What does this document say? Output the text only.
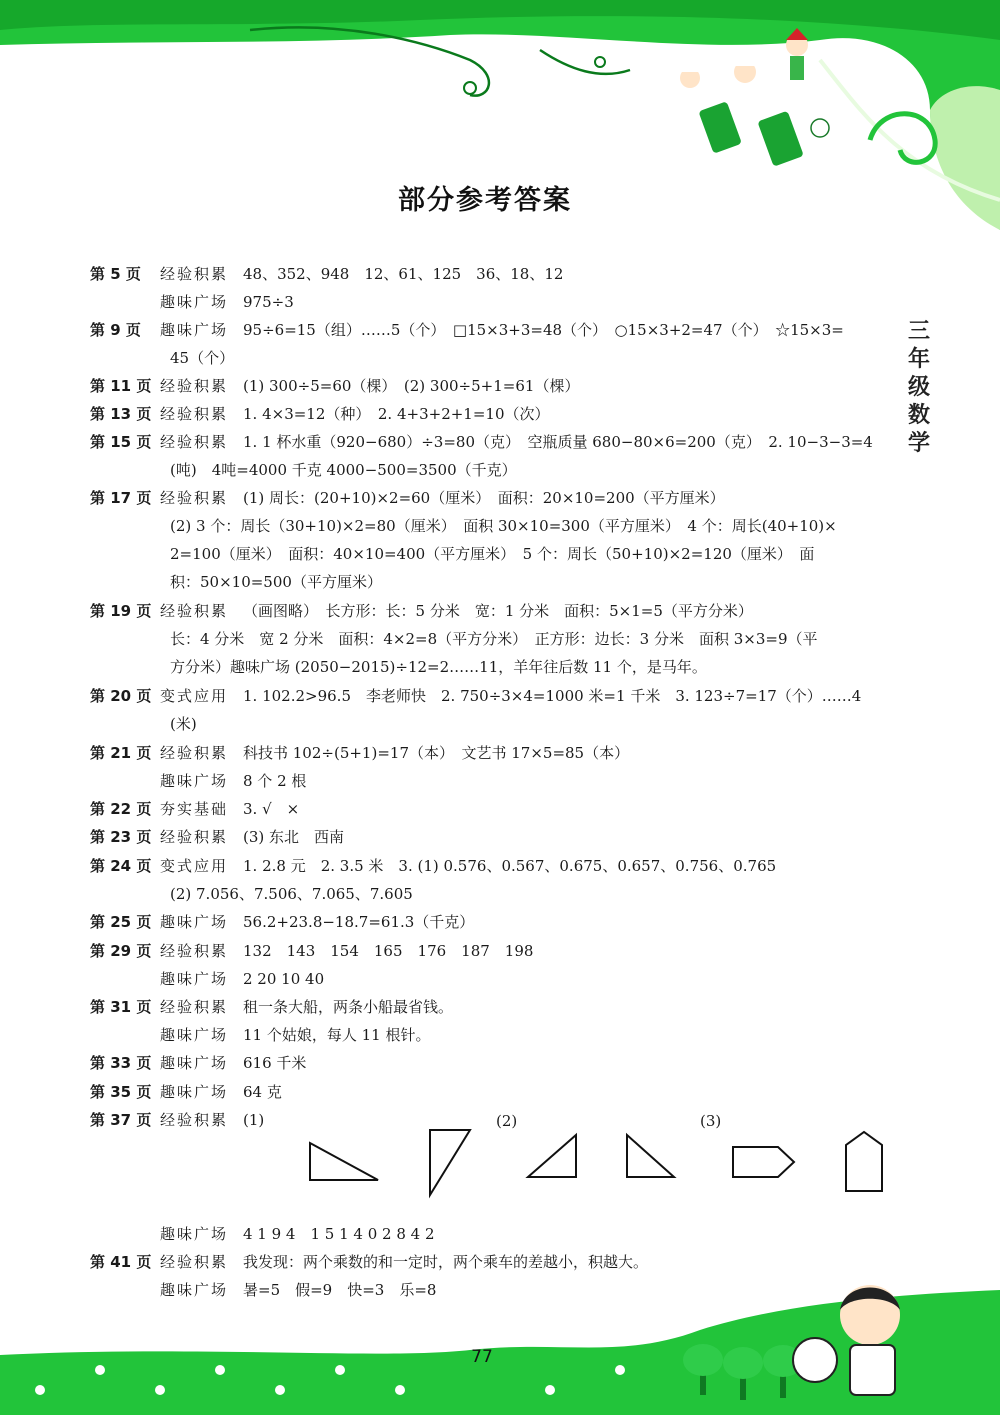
部分参考答案
三
年
级
数
学
第 5 页 经验积累 48、352、948　12、61、125　36、18、12
趣味广场 975÷3
第 9 页 趣味广场 95÷6=15（组）……5（个）　□15×3+3=48（个）　○15×3+2=47（个）　☆15×3=
45（个）
第 11 页 经验积累 (1) 300÷5=60（棵）　(2) 300÷5+1=61（棵）
第 13 页 经验积累 1. 4×3=12（种）　2. 4+3+2+1=10（次）
第 15 页 经验积累 1. 1 杯水重（920−680）÷3=80（克）　空瓶质量 680−80×6=200（克）　2. 10−3−3=4
(吨)　4吨=4000 千克 4000−500=3500（千克）
第 17 页 经验积累 (1) 周长：(20+10)×2=60（厘米）　面积：20×10=200（平方厘米）
(2) 3 个：周长（30+10)×2=80（厘米）　面积 30×10=300（平方厘米）　4 个：周长(40+10)×
2=100（厘米）　面积：40×10=400（平方厘米）　5 个：周长（50+10)×2=120（厘米）　面
积：50×10=500（平方厘米）
第 19 页 经验积累 （画图略）　长方形：长：5 分米　宽：1 分米　面积：5×1=5（平方分米）
长：4 分米　宽 2 分米　面积：4×2=8（平方分米）　正方形：边长：3 分米　面积 3×3=9（平
方分米）趣味广场 (2050−2015)÷12=2……11，羊年往后数 11 个，是马年。
第 20 页 变式应用 1. 102.2>96.5　李老师快　2. 750÷3×4=1000 米=1 千米　3. 123÷7=17（个）……4
(米)
第 21 页 经验积累 科技书 102÷(5+1)=17（本）　文艺书 17×5=85（本）
趣味广场 8 个 2 根
第 22 页 夯实基础 3. √　×
第 23 页 经验积累 (3) 东北　西南
第 24 页 变式应用 1. 2.8 元　2. 3.5 米　3. (1) 0.576、0.567、0.675、0.657、0.756、0.765
(2) 7.056、7.506、7.065、7.605
第 25 页 趣味广场 56.2+23.8−18.7=61.3（千克）
第 29 页 经验积累 132　143　154　165　176　187　198
趣味广场 2 20 10 40
第 31 页 经验积累 租一条大船，两条小船最省钱。
趣味广场 11 个姑娘，每人 11 根针。
第 33 页 趣味广场 616 千米
第 35 页 趣味广场 64 克
第 37 页 经验积累 (1)
趣味广场 4 1 9 4　1 5 1 4 0 2 8 4 2
第 41 页 经验积累 我发现：两个乘数的和一定时，两个乘车的差越小，积越大。
趣味广场 暑=5　假=9　快=3　乐=8
(2)	(3)
77
